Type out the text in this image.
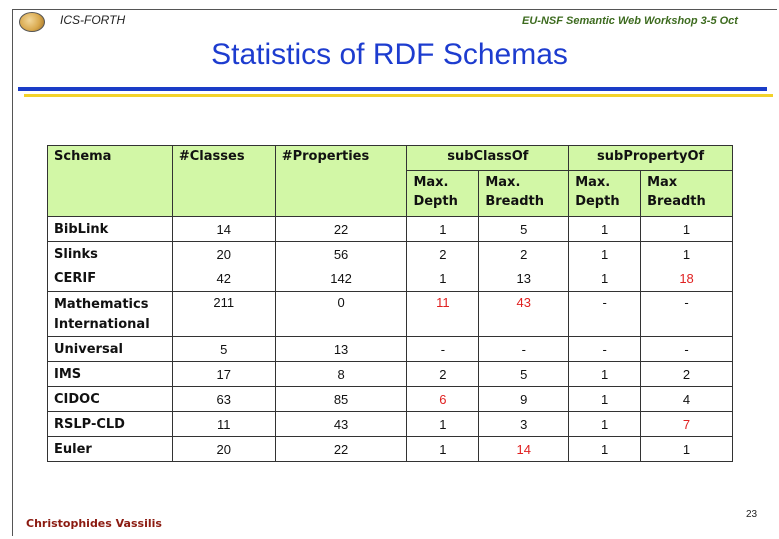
ICS-FORTH	EU-NSF Semantic Web Workshop 3-5 Oct
Statistics of RDF Schemas
Schema	#Classes	#Properties	subClassOf		subPropertyOf	
			Max. Depth	Max. Breadth	Max. Depth	Max Breadth
BibLink	14	22	1	5	1	1
Slinks	20	56	2	2	1	1
CERIF	42	142	1	13	1	18
Mathematics International	211	0	11	43	-	-
Universal	5	13	-	-	-	-
IMS	17	8	2	5	1	2
CIDOC	63	85	6	9	1	4
RSLP-CLD	11	43	1	3	1	7
Euler	20	22	1	14	1	1
23
Christophides Vassilis
